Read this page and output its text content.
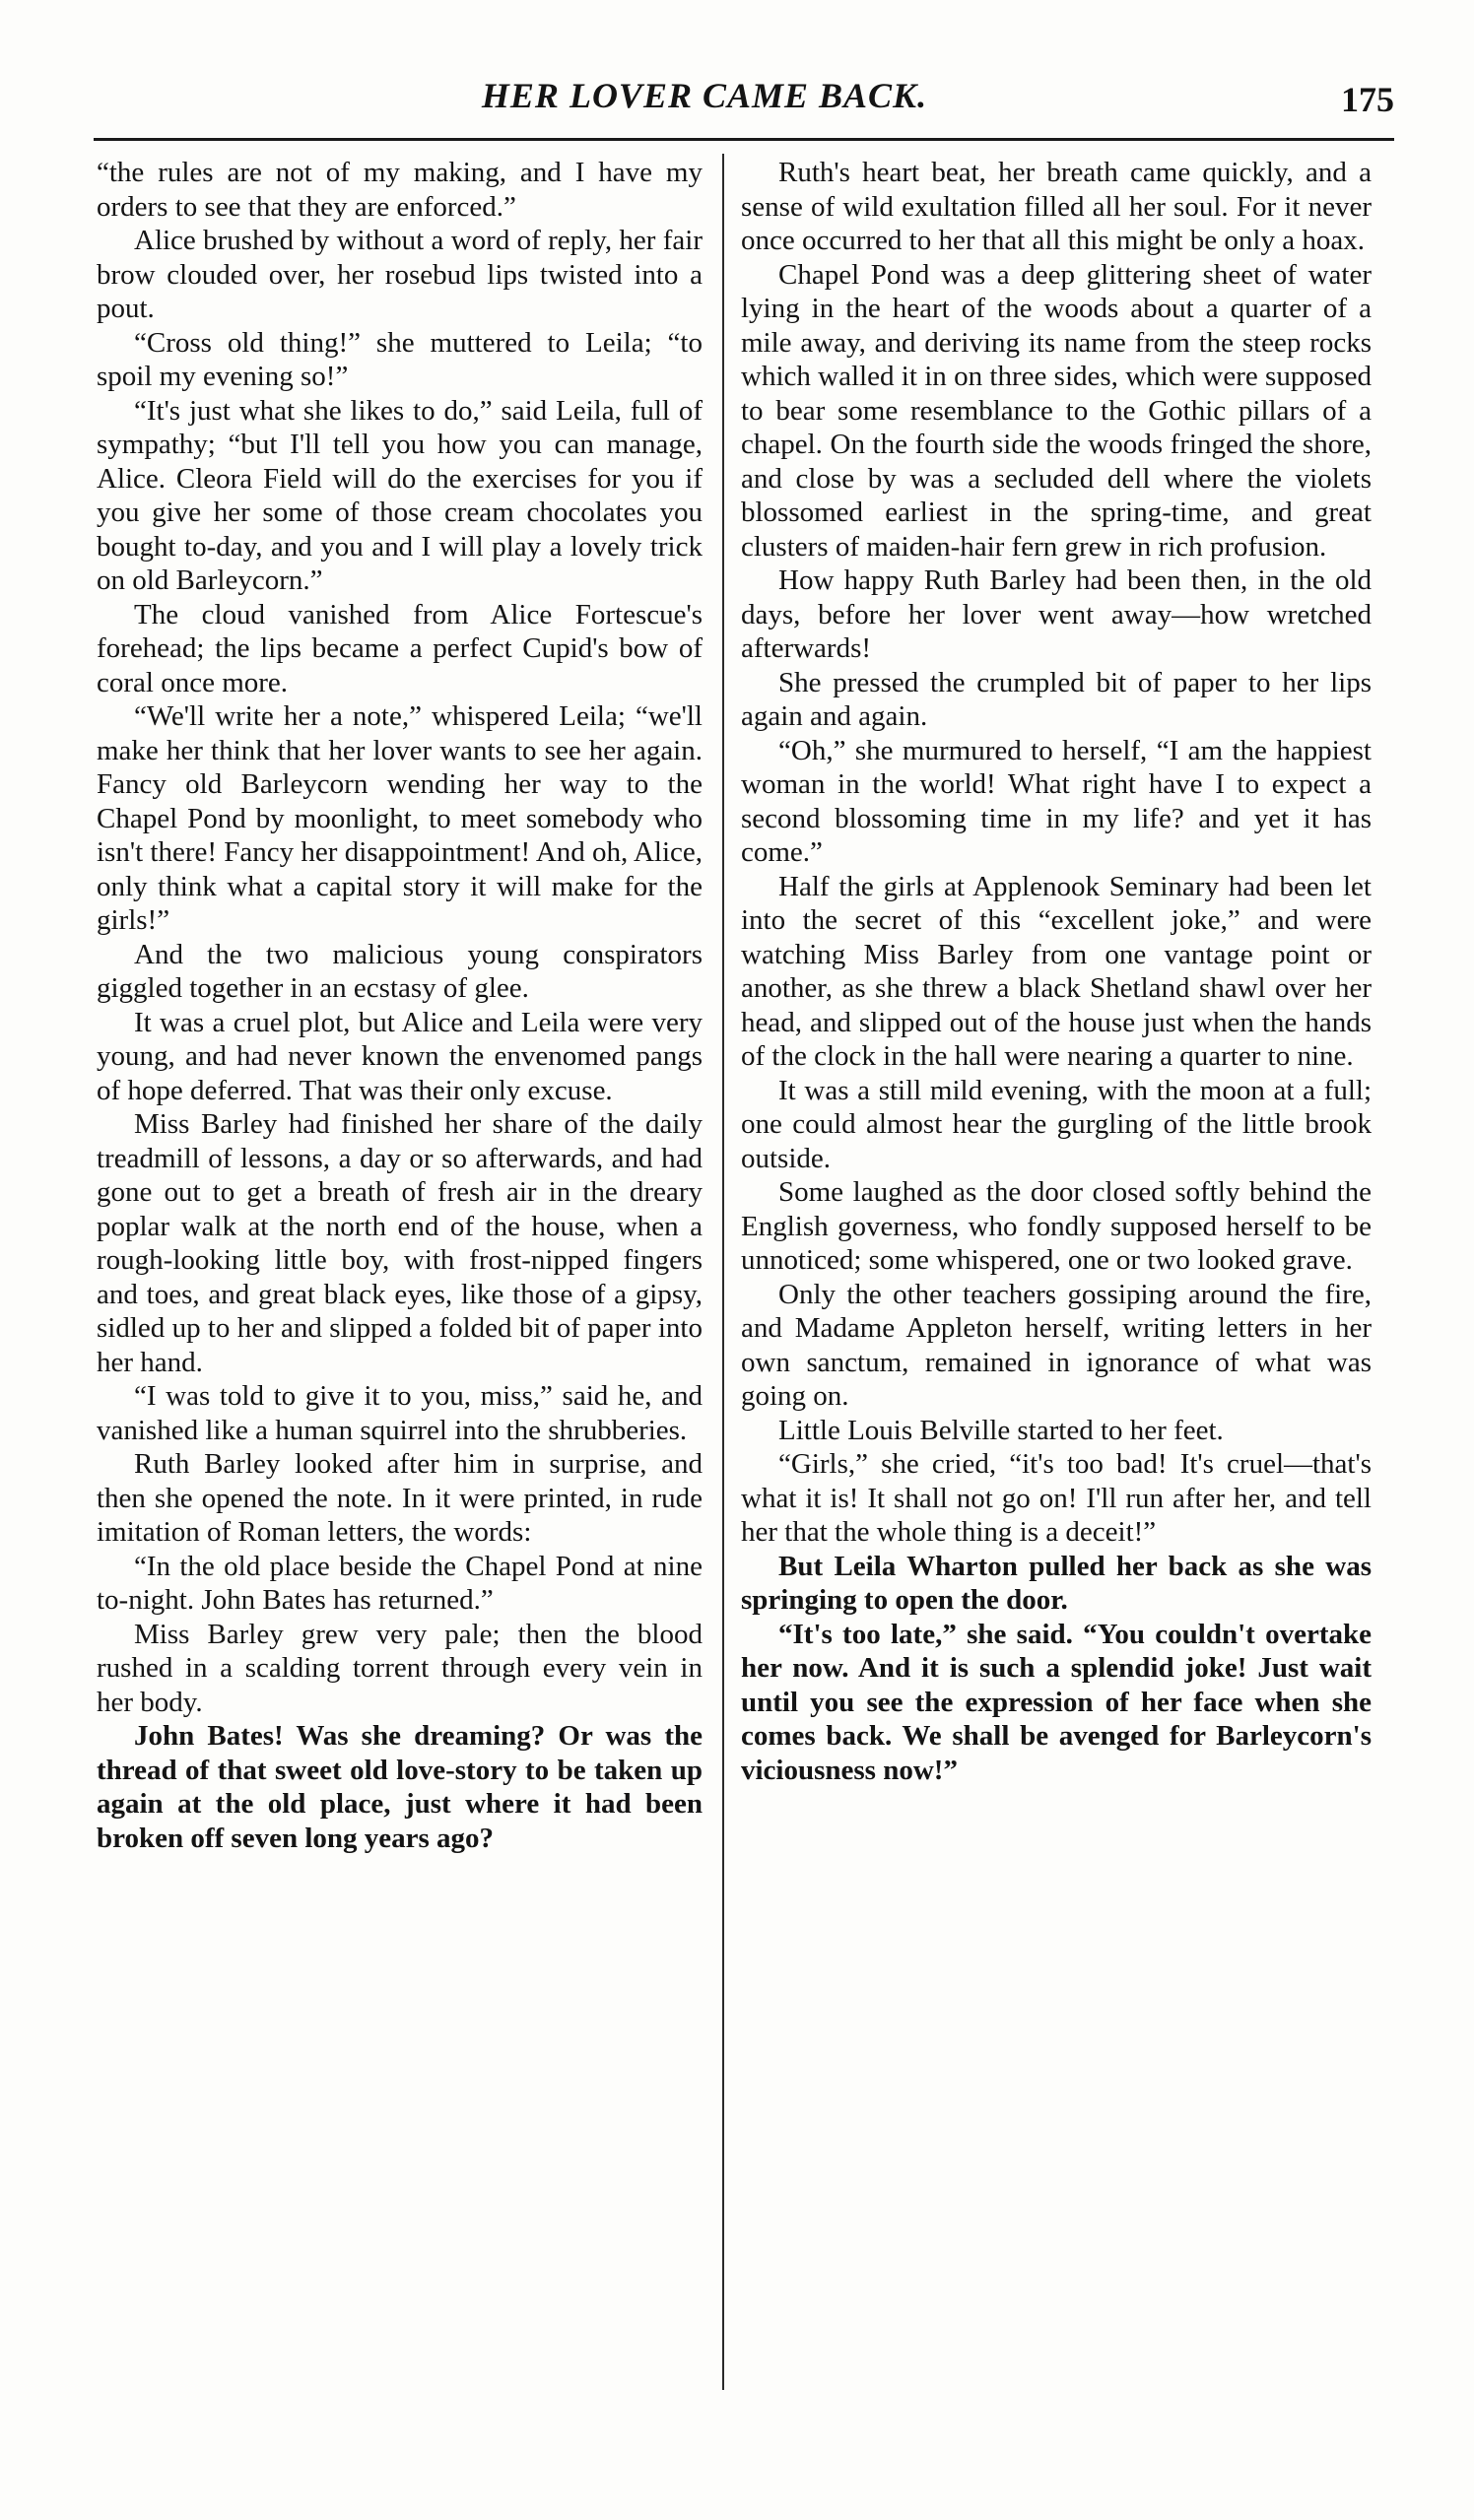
HER LOVER CAME BACK.	175

“the rules are not of my making, and I have my orders to see that they are enforced.”

Alice brushed by without a word of reply, her fair brow clouded over, her rosebud lips twisted into a pout.

“Cross old thing!” she muttered to Leila; “to spoil my evening so!”

“It's just what she likes to do,” said Leila, full of sympathy; “but I'll tell you how you can manage, Alice. Cleora Field will do the exercises for you if you give her some of those cream chocolates you bought to-day, and you and I will play a lovely trick on old Barleycorn.”

The cloud vanished from Alice Fortescue's forehead; the lips became a perfect Cupid's bow of coral once more.

“We'll write her a note,” whispered Leila; “we'll make her think that her lover wants to see her again. Fancy old Barleycorn wending her way to the Chapel Pond by moonlight, to meet somebody who isn't there! Fancy her disappointment! And oh, Alice, only think what a capital story it will make for the girls!”

And the two malicious young conspirators giggled together in an ecstasy of glee.

It was a cruel plot, but Alice and Leila were very young, and had never known the envenomed pangs of hope deferred. That was their only excuse.

Miss Barley had finished her share of the daily treadmill of lessons, a day or so afterwards, and had gone out to get a breath of fresh air in the dreary poplar walk at the north end of the house, when a rough-looking little boy, with frost-nipped fingers and toes, and great black eyes, like those of a gipsy, sidled up to her and slipped a folded bit of paper into her hand.

“I was told to give it to you, miss,” said he, and vanished like a human squirrel into the shrubberies.

Ruth Barley looked after him in surprise, and then she opened the note. In it were printed, in rude imitation of Roman letters, the words:

“In the old place beside the Chapel Pond at nine to-night. John Bates has returned.”

Miss Barley grew very pale; then the blood rushed in a scalding torrent through every vein in her body.

John Bates! Was she dreaming? Or was the thread of that sweet old love-story to be taken up again at the old place, just where it had been broken off seven long years ago?

Ruth's heart beat, her breath came quickly, and a sense of wild exultation filled all her soul. For it never once occurred to her that all this might be only a hoax.

Chapel Pond was a deep glittering sheet of water lying in the heart of the woods about a quarter of a mile away, and deriving its name from the steep rocks which walled it in on three sides, which were supposed to bear some resemblance to the Gothic pillars of a chapel. On the fourth side the woods fringed the shore, and close by was a secluded dell where the violets blossomed earliest in the spring-time, and great clusters of maiden-hair fern grew in rich profusion.

How happy Ruth Barley had been then, in the old days, before her lover went away—how wretched afterwards!

She pressed the crumpled bit of paper to her lips again and again.

“Oh,” she murmured to herself, “I am the happiest woman in the world! What right have I to expect a second blossoming time in my life? and yet it has come.”

Half the girls at Applenook Seminary had been let into the secret of this “excellent joke,” and were watching Miss Barley from one vantage point or another, as she threw a black Shetland shawl over her head, and slipped out of the house just when the hands of the clock in the hall were nearing a quarter to nine.

It was a still mild evening, with the moon at a full; one could almost hear the gurgling of the little brook outside.

Some laughed as the door closed softly behind the English governess, who fondly supposed herself to be unnoticed; some whispered, one or two looked grave.

Only the other teachers gossiping around the fire, and Madame Appleton herself, writing letters in her own sanctum, remained in ignorance of what was going on.

Little Louis Belville started to her feet.

“Girls,” she cried, “it's too bad! It's cruel—that's what it is! It shall not go on! I'll run after her, and tell her that the whole thing is a deceit!”

But Leila Wharton pulled her back as she was springing to open the door.

“It's too late,” she said. “You couldn't overtake her now. And it is such a splendid joke! Just wait until you see the expression of her face when she comes back. We shall be avenged for Barleycorn's viciousness now!”
